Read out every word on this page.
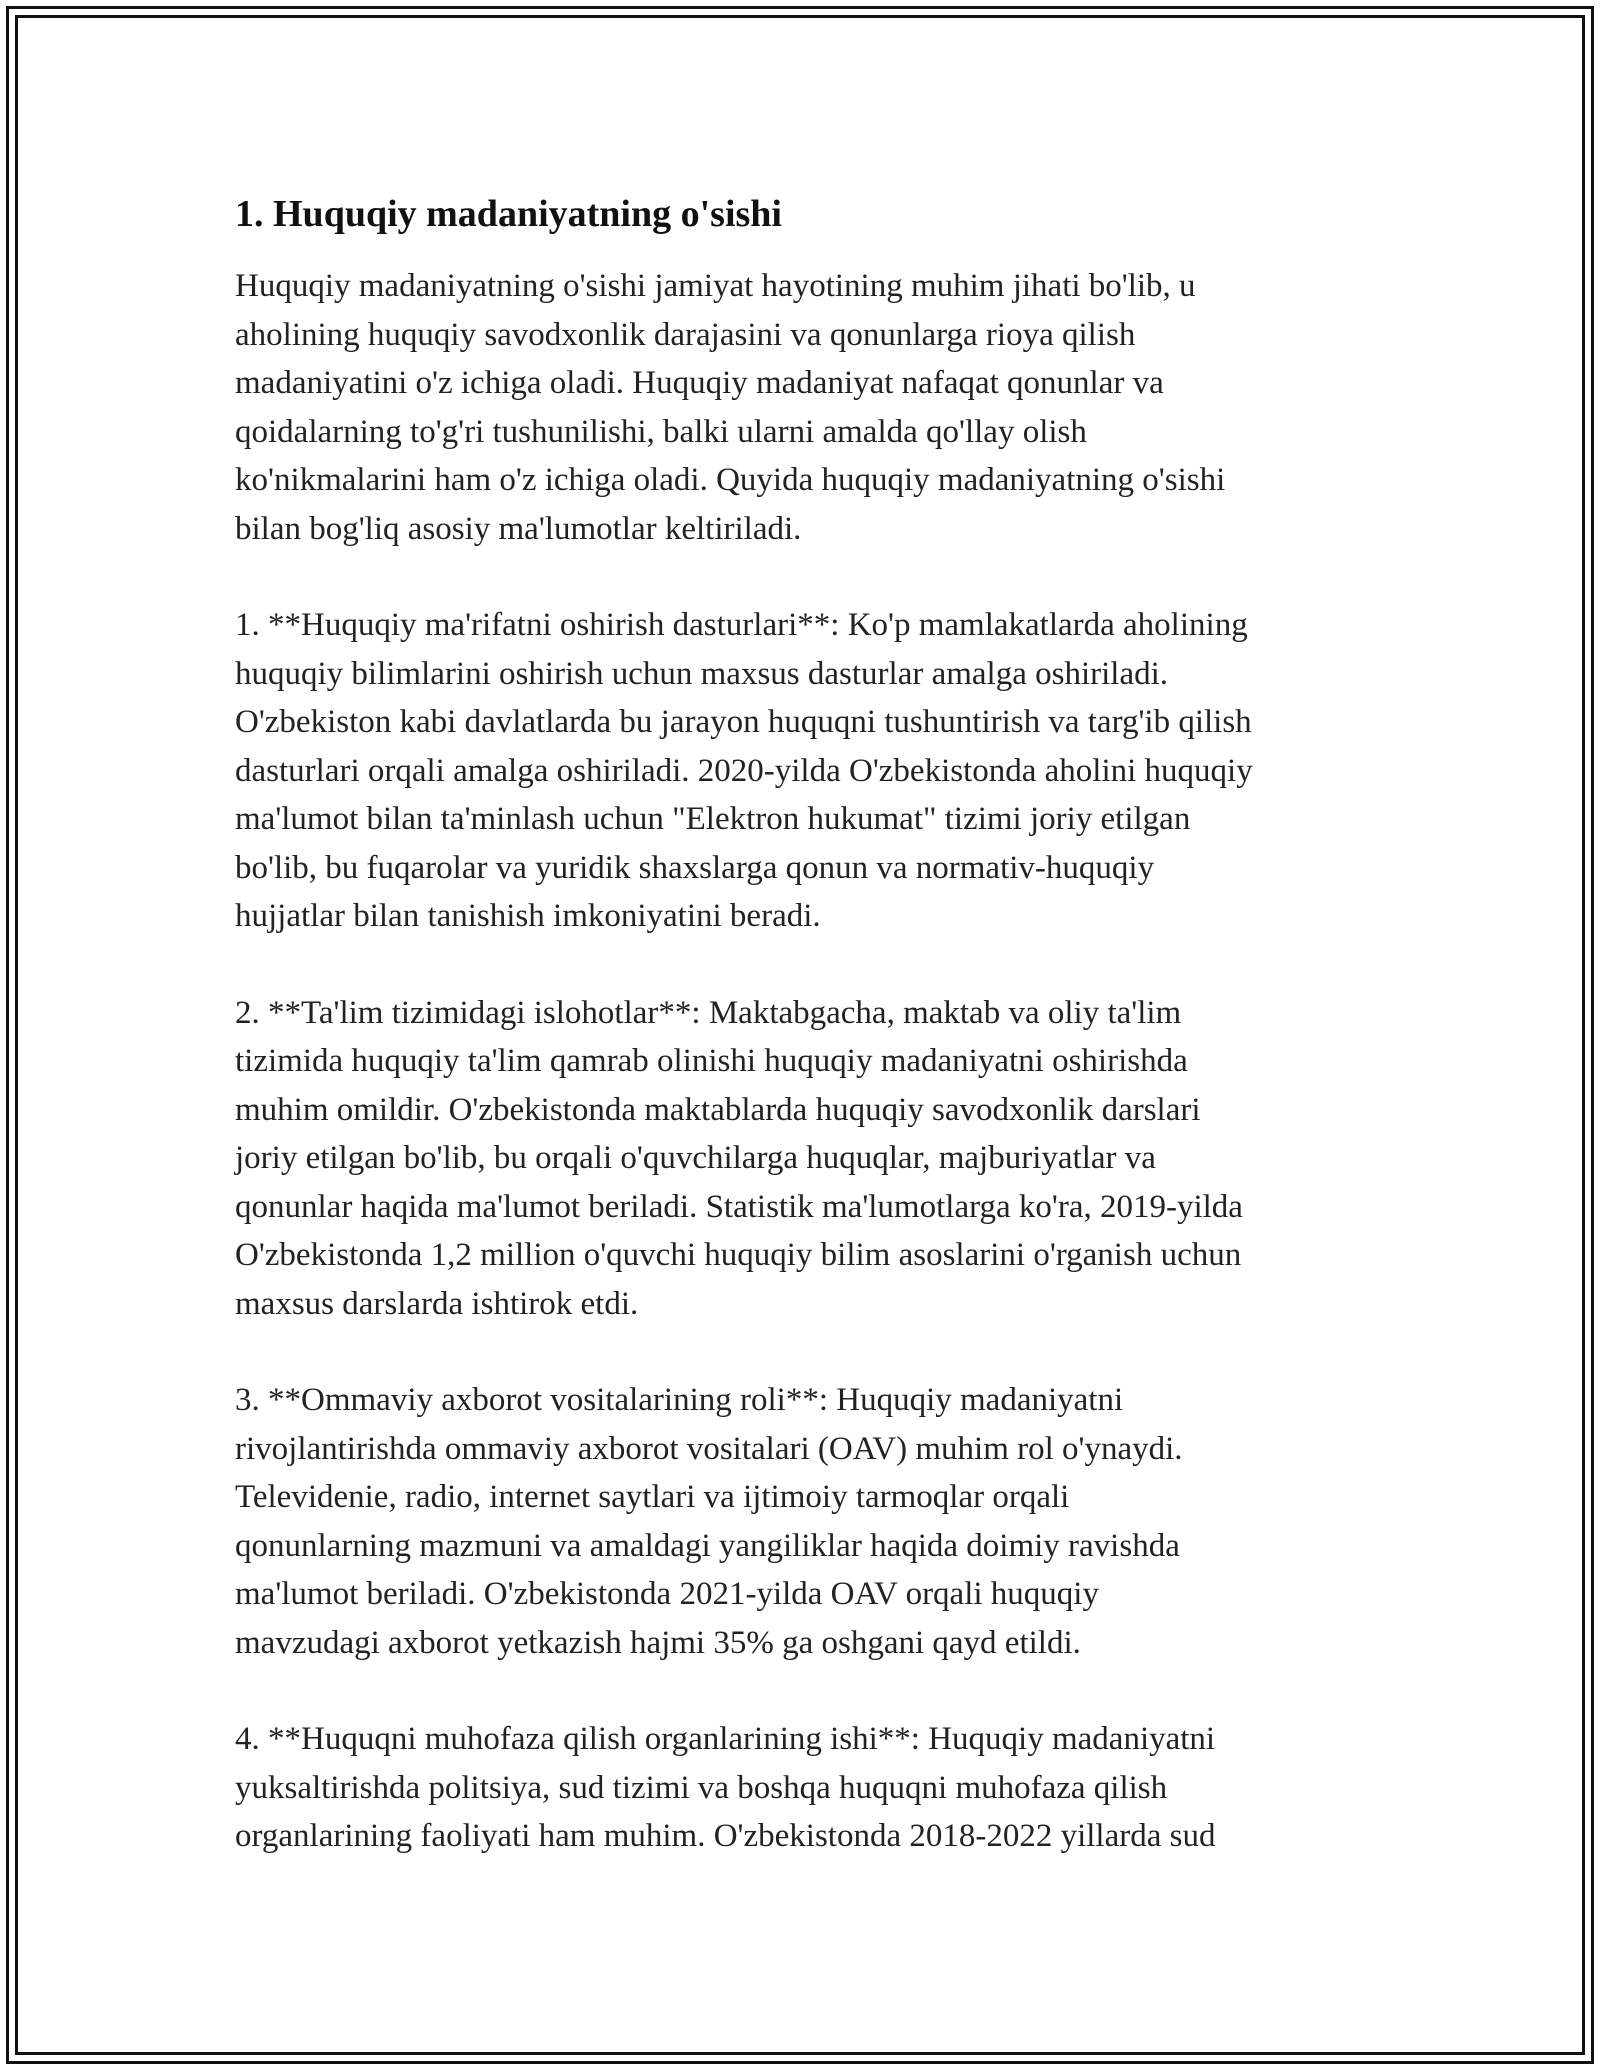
1. Huquqiy madaniyatning o'sishi

Huquqiy madaniyatning o'sishi jamiyat hayotining muhim jihati bo'lib, u
aholining huquqiy savodxonlik darajasini va qonunlarga rioya qilish
madaniyatini o'z ichiga oladi. Huquqiy madaniyat nafaqat qonunlar va
qoidalarning to'g'ri tushunilishi, balki ularni amalda qo'llay olish
ko'nikmalarini ham o'z ichiga oladi. Quyida huquqiy madaniyatning o'sishi
bilan bog'liq asosiy ma'lumotlar keltiriladi.

1. **Huquqiy ma'rifatni oshirish dasturlari**: Ko'p mamlakatlarda aholining
huquqiy bilimlarini oshirish uchun maxsus dasturlar amalga oshiriladi.
O'zbekiston kabi davlatlarda bu jarayon huquqni tushuntirish va targ'ib qilish
dasturlari orqali amalga oshiriladi. 2020-yilda O'zbekistonda aholini huquqiy
ma'lumot bilan ta'minlash uchun "Elektron hukumat" tizimi joriy etilgan
bo'lib, bu fuqarolar va yuridik shaxslarga qonun va normativ-huquqiy
hujjatlar bilan tanishish imkoniyatini beradi.

2. **Ta'lim tizimidagi islohotlar**: Maktabgacha, maktab va oliy ta'lim
tizimida huquqiy ta'lim qamrab olinishi huquqiy madaniyatni oshirishda
muhim omildir. O'zbekistonda maktablarda huquqiy savodxonlik darslari
joriy etilgan bo'lib, bu orqali o'quvchilarga huquqlar, majburiyatlar va
qonunlar haqida ma'lumot beriladi. Statistik ma'lumotlarga ko'ra, 2019-yilda
O'zbekistonda 1,2 million o'quvchi huquqiy bilim asoslarini o'rganish uchun
maxsus darslarda ishtirok etdi.

3. **Ommaviy axborot vositalarining roli**: Huquqiy madaniyatni
rivojlantirishda ommaviy axborot vositalari (OAV) muhim rol o'ynaydi.
Televidenie, radio, internet saytlari va ijtimoiy tarmoqlar orqali
qonunlarning mazmuni va amaldagi yangiliklar haqida doimiy ravishda
ma'lumot beriladi. O'zbekistonda 2021-yilda OAV orqali huquqiy
mavzudagi axborot yetkazish hajmi 35% ga oshgani qayd etildi.

4. **Huquqni muhofaza qilish organlarining ishi**: Huquqiy madaniyatni
yuksaltirishda politsiya, sud tizimi va boshqa huquqni muhofaza qilish
organlarining faoliyati ham muhim. O'zbekistonda 2018-2022 yillarda sud
